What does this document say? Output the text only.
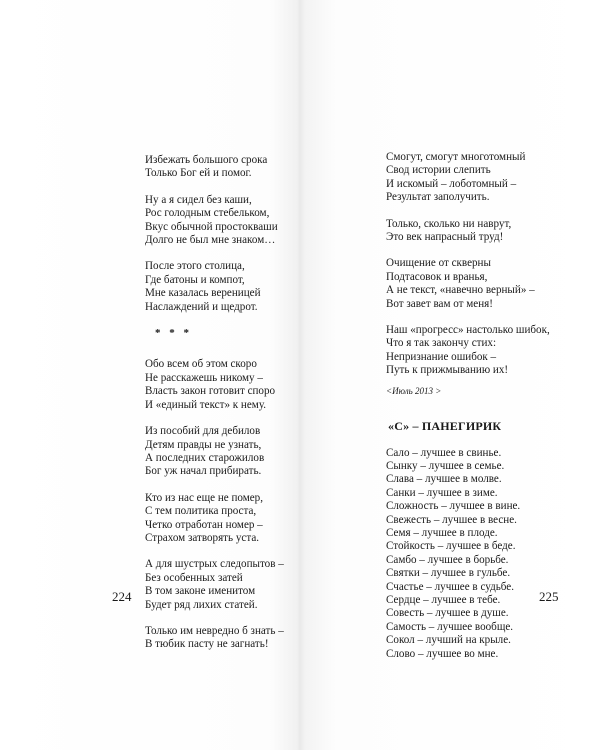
Избежать большого срока
Только Бог ей и помог.
Ну а я сидел без каши,
Рос голодным стебельком,
Вкус обычной простокваши
Долго не был мне знаком…
После этого столица,
Где батоны и компот,
Мне казалась вереницей
Наслаждений и щедрот.
* * *
Обо всем об этом скоро
Не расскажешь никому –
Власть закон готовит споро
И «единый текст» к нему.
Из пособий для дебилов
Детям правды не узнать,
А последних старожилов
Бог уж начал прибирать.
Кто из нас еще не помер,
С тем политика проста,
Четко отработан номер –
Страхом затворять уста.
А для шустрых следопытов –
Без особенных затей
В том законе именитом
Будет ряд лихих статей.
Только им невредно б знать –
В тюбик пасту не загнать!
224
Смогут, смогут многотомный
Свод истории слепить
И искомый – лоботомный –
Результат заполучить.
Только, сколько ни наврут,
Это век напрасный труд!
Очищение от скверны
Подтасовок и вранья,
А не текст, «навечно верный» –
Вот завет вам от меня!
Наш «прогресс» настолько шибок,
Что я так закончу стих:
Непризнание ошибок –
Путь к прижмыванию их!
<Июль 2013 >
«С» – ПАНЕГИРИК
Сало – лучшее в свинье.
Сынку – лучшее в семье.
Слава – лучшее в молве.
Санки – лучшее в зиме.
Сложность – лучшее в вине.
Свежесть – лучшее в весне.
Семя – лучшее в плоде.
Стойкость – лучшее в беде.
Самбо – лучшее в борьбе.
Святки – лучшее в гульбе.
Счастье – лучшее в судьбе.
Сердце – лучшее в тебе.
Совесть – лучшее в душе.
Самость – лучшее вообще.
Сокол – лучший на крыле.
Слово – лучшее во мне.
225
